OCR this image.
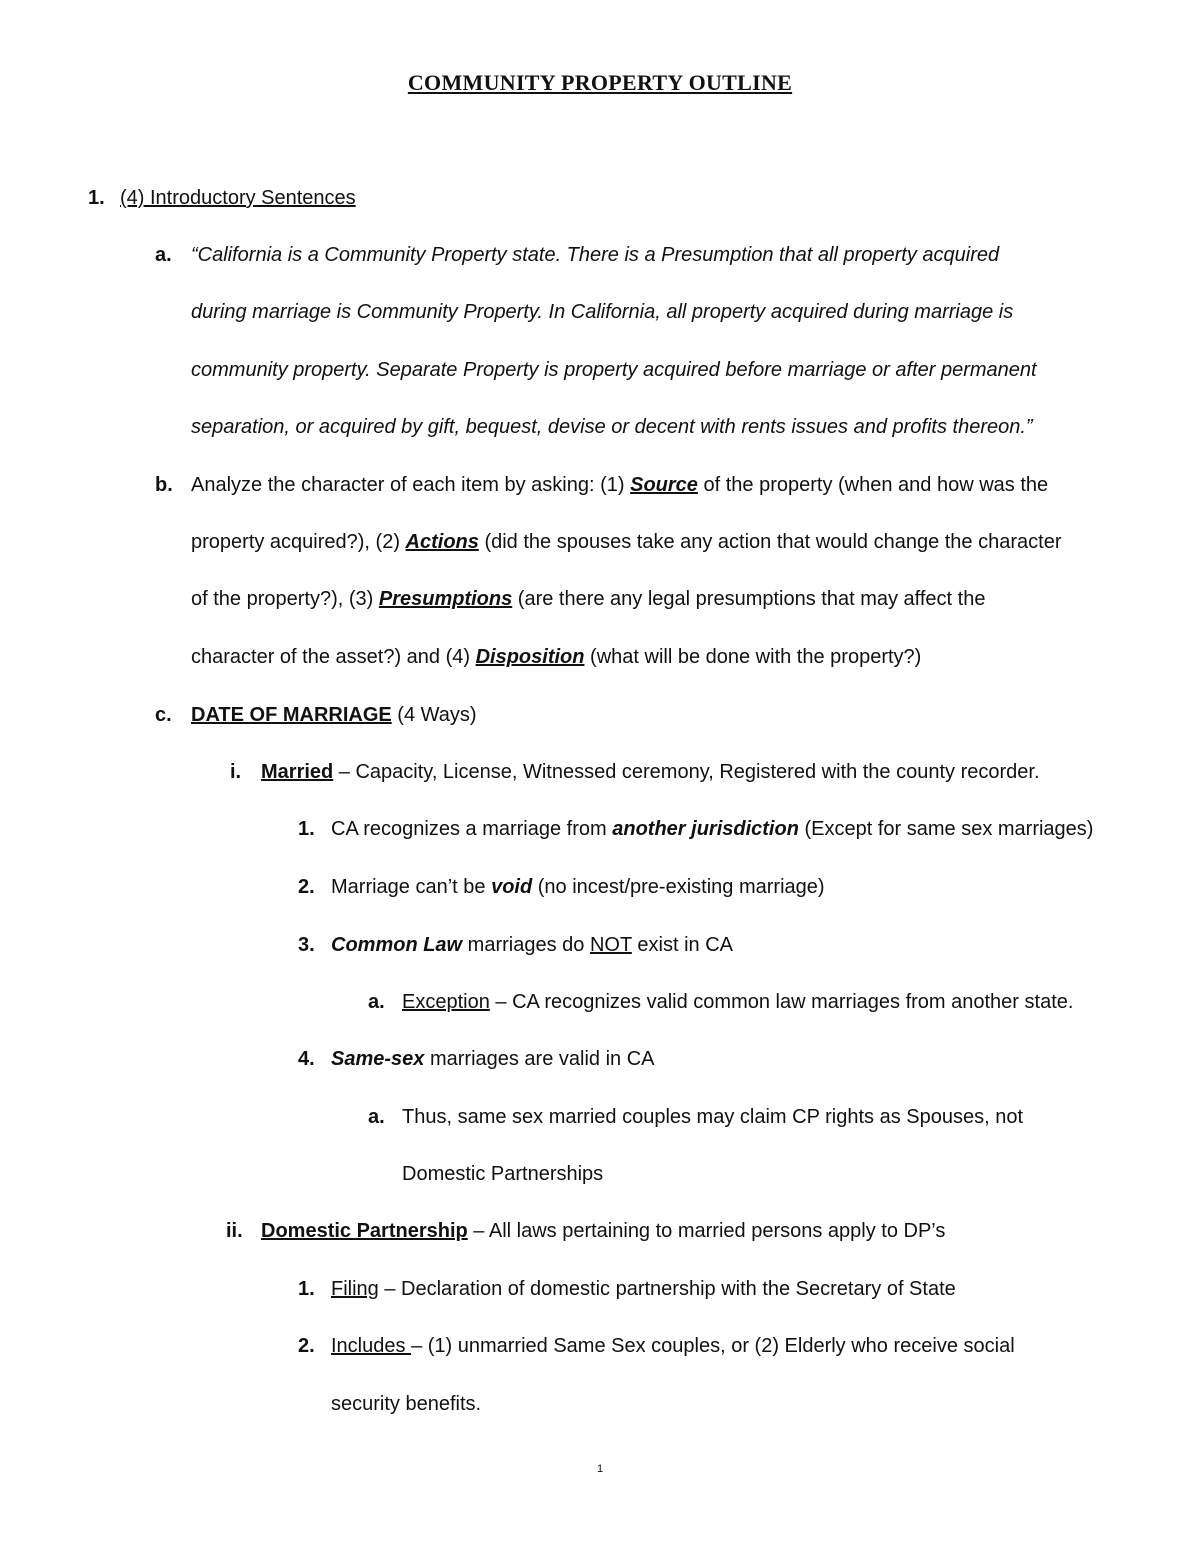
COMMUNITY PROPERTY OUTLINE
1. (4) Introductory Sentences
a. “California is a Community Property state. There is a Presumption that all property acquired
during marriage is Community Property. In California, all property acquired during marriage is
community property. Separate Property is property acquired before marriage or after permanent
separation, or acquired by gift, bequest, devise or decent with rents issues and profits thereon.”
b. Analyze the character of each item by asking: (1) Source of the property (when and how was the
property acquired?), (2) Actions (did the spouses take any action that would change the character
of the property?), (3) Presumptions (are there any legal presumptions that may affect the
character of the asset?) and (4) Disposition (what will be done with the property?)
c. DATE OF MARRIAGE (4 Ways)
i. Married – Capacity, License, Witnessed ceremony, Registered with the county recorder.
1. CA recognizes a marriage from another jurisdiction (Except for same sex marriages)
2. Marriage can’t be void (no incest/pre-existing marriage)
3. Common Law marriages do NOT exist in CA
a. Exception – CA recognizes valid common law marriages from another state.
4. Same-sex marriages are valid in CA
a. Thus, same sex married couples may claim CP rights as Spouses, not
Domestic Partnerships
ii. Domestic Partnership – All laws pertaining to married persons apply to DP’s
1. Filing – Declaration of domestic partnership with the Secretary of State
2. Includes – (1) unmarried Same Sex couples, or (2) Elderly who receive social
security benefits.
1
